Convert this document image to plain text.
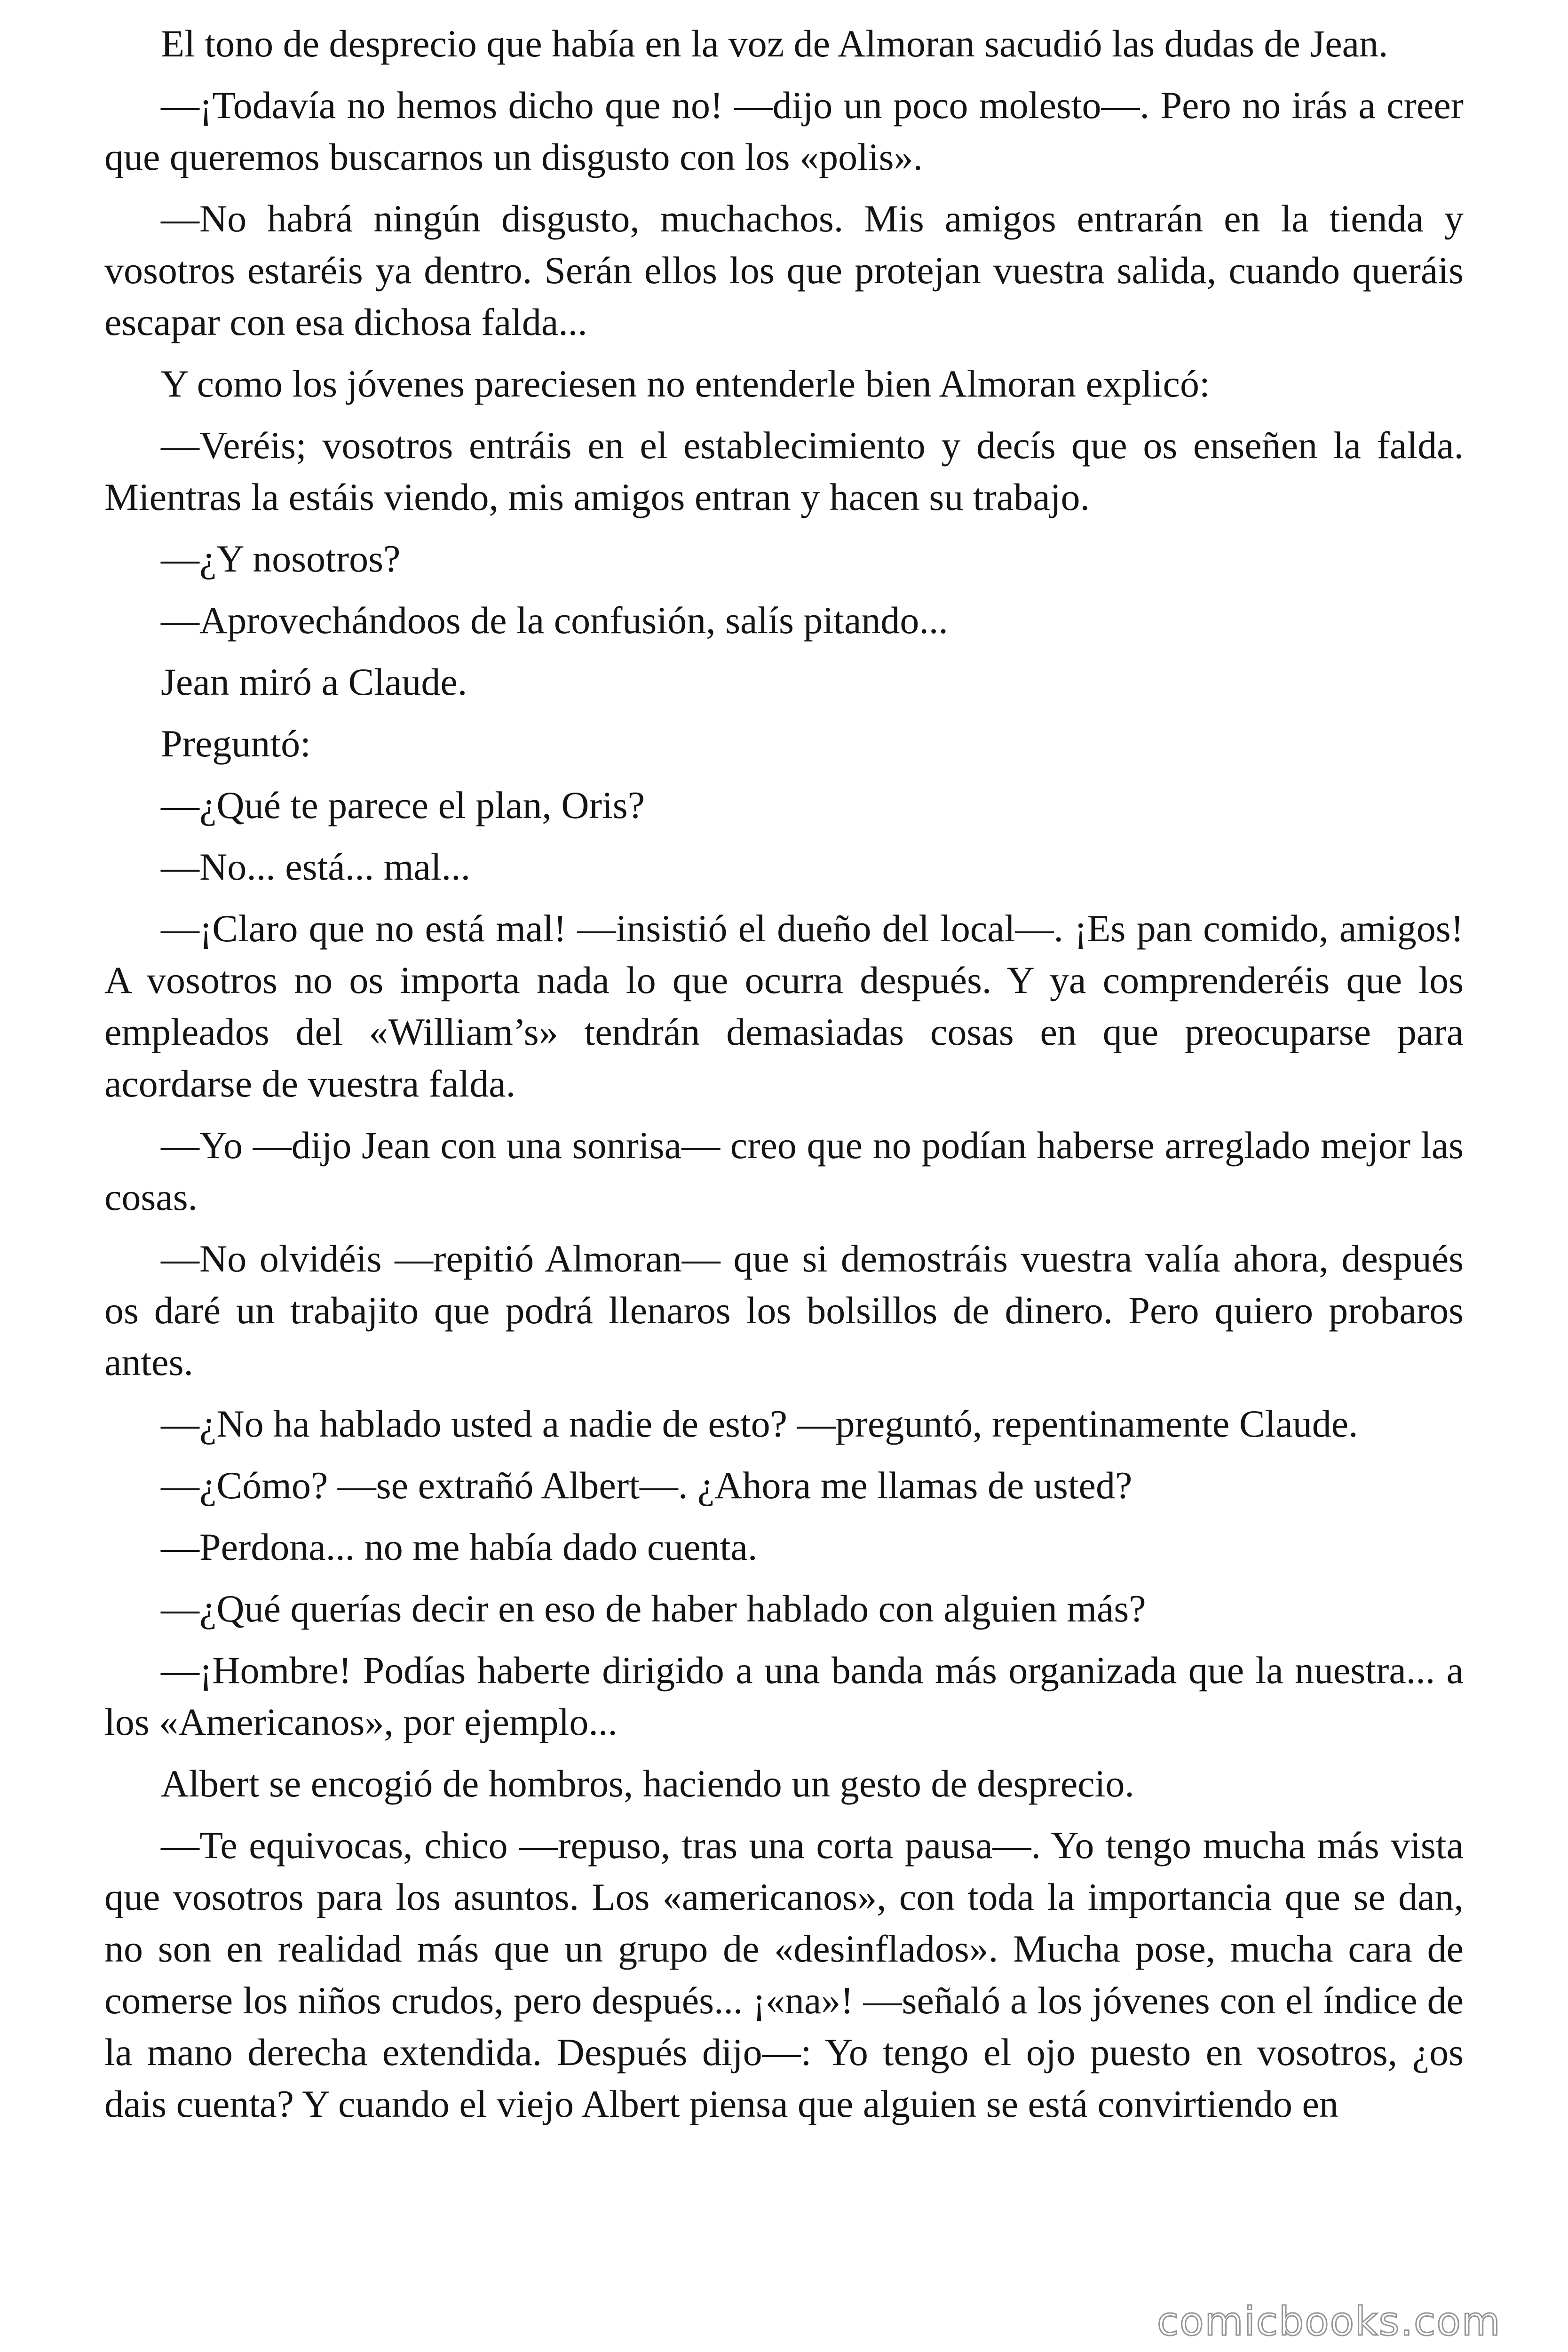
El tono de desprecio que había en la voz de Almoran sacudió las dudas de Jean.

—¡Todavía no hemos dicho que no! —dijo un poco molesto—. Pero no irás a creer que queremos buscarnos un disgusto con los «polis».

—No habrá ningún disgusto, muchachos. Mis amigos entrarán en la tienda y vosotros estaréis ya dentro. Serán ellos los que protejan vuestra salida, cuando queráis escapar con esa dichosa falda...

Y como los jóvenes pareciesen no entenderle bien Almoran explicó:

—Veréis; vosotros entráis en el establecimiento y decís que os enseñen la falda. Mientras la estáis viendo, mis amigos entran y hacen su trabajo.

—¿Y nosotros?

—Aprovechándoos de la confusión, salís pitando...

Jean miró a Claude.

Preguntó:

—¿Qué te parece el plan, Oris?

—No... está... mal...

—¡Claro que no está mal! —insistió el dueño del local—. ¡Es pan comido, amigos! A vosotros no os importa nada lo que ocurra después. Y ya comprenderéis que los empleados del «William’s» tendrán demasiadas cosas en que preocuparse para acordarse de vuestra falda.

—Yo —dijo Jean con una sonrisa— creo que no podían haberse arreglado mejor las cosas.

—No olvidéis —repitió Almoran— que si demostráis vuestra valía ahora, después os daré un trabajito que podrá llenaros los bolsillos de dinero. Pero quiero probaros antes.

—¿No ha hablado usted a nadie de esto? —preguntó, repentinamente Claude.

—¿Cómo? —se extrañó Albert—. ¿Ahora me llamas de usted?

—Perdona... no me había dado cuenta.

—¿Qué querías decir en eso de haber hablado con alguien más?

—¡Hombre! Podías haberte dirigido a una banda más organizada que la nuestra... a los «Americanos», por ejemplo...

Albert se encogió de hombros, haciendo un gesto de desprecio.

—Te equivocas, chico —repuso, tras una corta pausa—. Yo tengo mucha más vista que vosotros para los asuntos. Los «americanos», con toda la importancia que se dan, no son en realidad más que un grupo de «desinflados». Mucha pose, mucha cara de comerse los niños crudos, pero después... ¡«na»! —señaló a los jóvenes con el índice de la mano derecha extendida. Después dijo—: Yo tengo el ojo puesto en vosotros, ¿os dais cuenta? Y cuando el viejo Albert piensa que alguien se está convirtiendo en

comicbooks.com
